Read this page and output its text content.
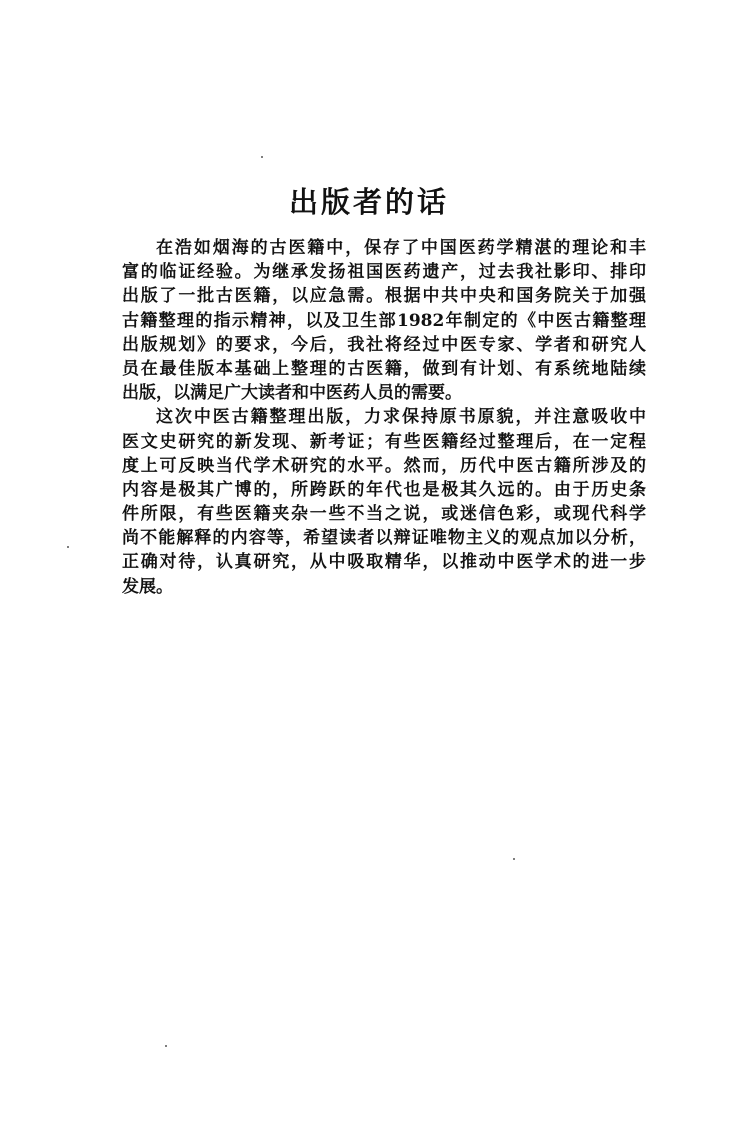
出版者的话
在浩如烟海的古医籍中，保存了中国医药学精湛的理论和丰
富的临证经验。为继承发扬祖国医药遗产，过去我社影印、排印
出版了一批古医籍，以应急需。根据中共中央和国务院关于加强
古籍整理的指示精神，以及卫生部1982年制定的《中医古籍整理
出版规划》的要求，今后，我社将经过中医专家、学者和研究人
员在最佳版本基础上整理的古医籍，做到有计划、有系统地陆续
出版，以满足广大读者和中医药人员的需要。
这次中医古籍整理出版，力求保持原书原貌，并注意吸收中
医文史研究的新发现、新考证；有些医籍经过整理后，在一定程
度上可反映当代学术研究的水平。然而，历代中医古籍所涉及的
内容是极其广博的，所跨跃的年代也是极其久远的。由于历史条
件所限，有些医籍夹杂一些不当之说，或迷信色彩，或现代科学
尚不能解释的内容等，希望读者以辩证唯物主义的观点加以分析，
正确对待，认真研究，从中吸取精华，以推动中医学术的进一步
发展。
